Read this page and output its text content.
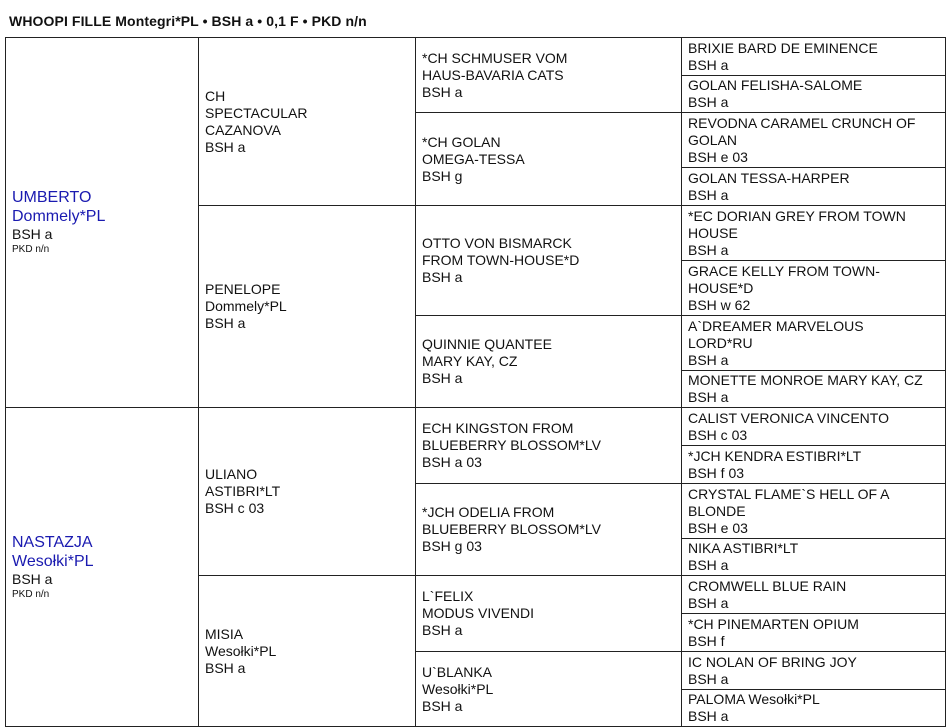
WHOOPI FILLE Montegri*PL • BSH a • 0,1 F • PKD n/n
UMBERTO
Dommely*PL
BSH a
PKD n/n	CH
SPECTACULAR
CAZANOVA
BSH a	*CH SCHMUSER VOM
HAUS-BAVARIA CATS
BSH a	BRIXIE BARD DE EMINENCE
BSH a

			GOLAN FELISHA-SALOME
BSH a

		*CH GOLAN
OMEGA-TESSA
BSH g	REVODNA CARAMEL CRUNCH OF
GOLAN
BSH e 03

			GOLAN TESSA-HARPER
BSH a

	PENELOPE
Dommely*PL
BSH a	OTTO VON BISMARCK
FROM TOWN-HOUSE*D
BSH a	*EC DORIAN GREY FROM TOWN
HOUSE
BSH a

			GRACE KELLY FROM TOWN-
HOUSE*D
BSH w 62

		QUINNIE QUANTEE
MARY KAY, CZ
BSH a	A`DREAMER MARVELOUS
LORD*RU
BSH a

			MONETTE MONROE MARY KAY, CZ
BSH a

NASTAZJA
Wesołki*PL
BSH a
PKD n/n	ULIANO
ASTIBRI*LT
BSH c 03	ECH KINGSTON FROM
BLUEBERRY BLOSSOM*LV
BSH a 03	CALIST VERONICA VINCENTO
BSH c 03

			*JCH KENDRA ESTIBRI*LT
BSH f 03

		*JCH ODELIA FROM
BLUEBERRY BLOSSOM*LV
BSH g 03	CRYSTAL FLAME`S HELL OF A
BLONDE
BSH e 03

			NIKA ASTIBRI*LT
BSH a

	MISIA
Wesołki*PL
BSH a	L`FELIX
MODUS VIVENDI
BSH a	CROMWELL BLUE RAIN
BSH a

			*CH PINEMARTEN OPIUM
BSH f

		U`BLANKA
Wesołki*PL
BSH a	IC NOLAN OF BRING JOY
BSH a

			PALOMA Wesołki*PL
BSH a
